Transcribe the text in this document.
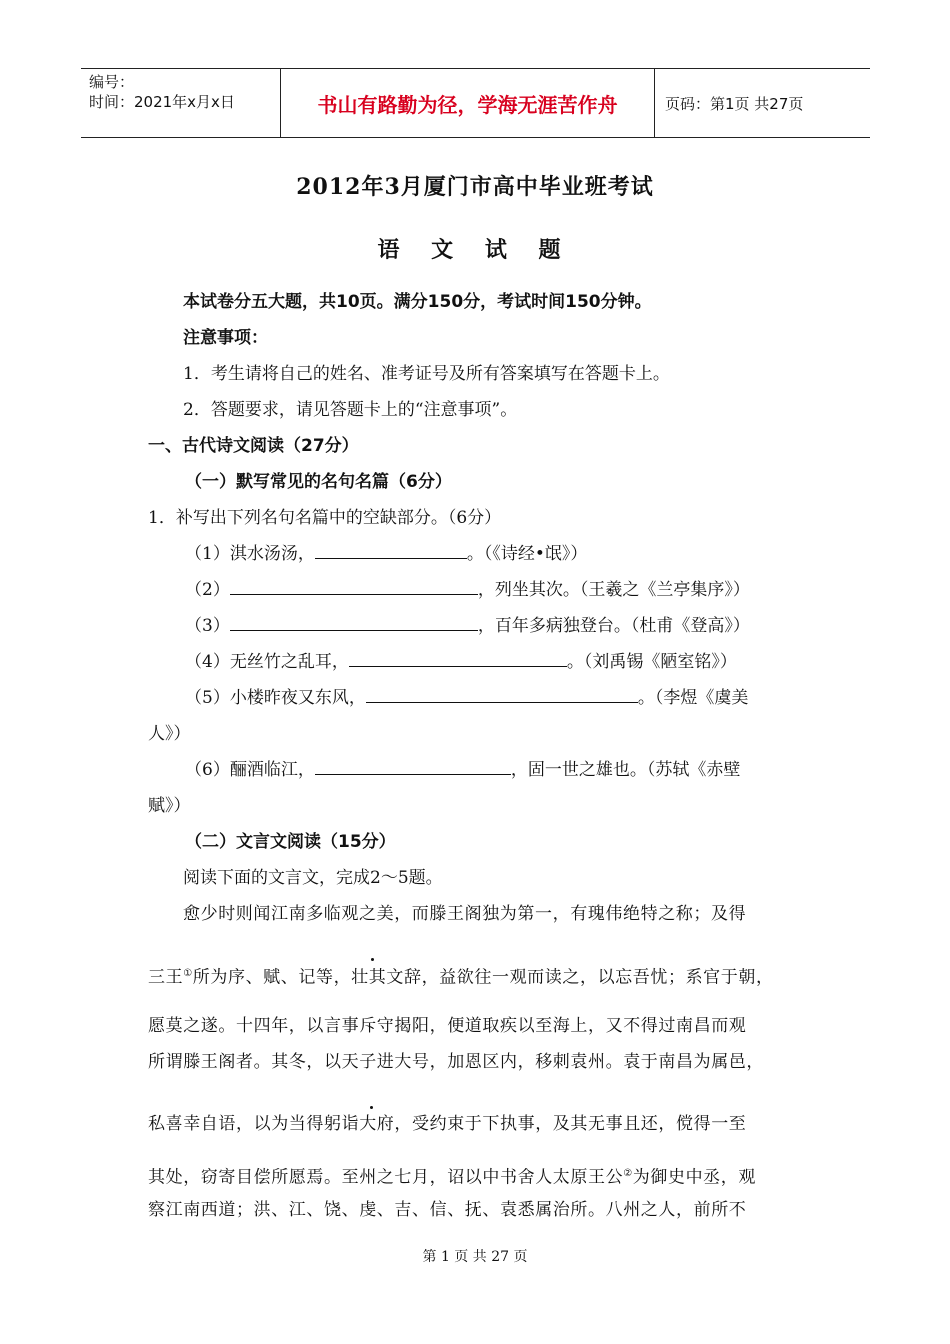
编号：
时间：2021年x月x日	书山有路勤为径，学海无涯苦作舟	页码：第1页 共27页
2012年3月厦门市高中毕业班考试
语 文 试 题
本试卷分五大题，共10页。满分150分，考试时间150分钟。
注意事项：
1．考生请将自己的姓名、准考证号及所有答案填写在答题卡上。
2．答题要求，请见答题卡上的“注意事项”。
一、古代诗文阅读（27分）
（一）默写常见的名句名篇（6分）
1．补写出下列名句名篇中的空缺部分。（6分）
（1）淇水汤汤，	。（《诗经•氓》）
（2）	，列坐其次。（王羲之《兰亭集序》）
（3）	，百年多病独登台。（杜甫《登高》）
（4）无丝竹之乱耳，	。（刘禹锡《陋室铭》）
（5）小楼昨夜又东风，	。（李煜《虞美
人》）
（6）酾酒临江，	，固一世之雄也。（苏轼《赤壁
赋》）
（二）文言文阅读（15分）
阅读下面的文言文，完成2～5题。
愈少时则闻江南多临观之美，而滕王阁独为第一，有瑰伟绝特之称；及得
三王①所为序、赋、记等，壮其文辞，益欲往一观而读之，以忘吾忧；系官于朝，
愿莫之遂。十四年，以言事斥守揭阳，便道取疾以至海上，又不得过南昌而观
所谓滕王阁者。其冬，以天子进大号，加恩区内，移刺袁州。袁于南昌为属邑，
私喜幸自语，以为当得躬诣大府，受约束于下执事，及其无事且还，傥得一至
其处，窃寄目偿所愿焉。至州之七月，诏以中书舍人太原王公②为御史中丞，观
察江南西道；洪、江、饶、虔、吉、信、抚、袁悉属治所。八州之人，前所不
第 1 页 共 27 页
